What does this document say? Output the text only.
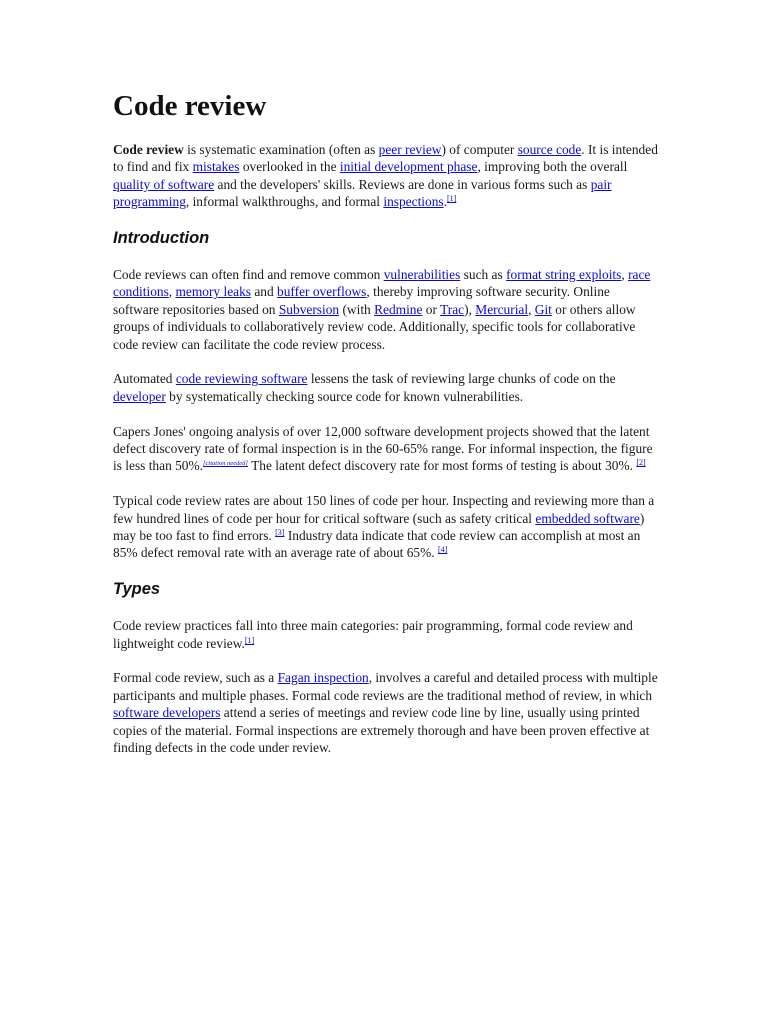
Code review

Code review is systematic examination (often as peer review) of computer source code. It is intended to find and fix mistakes overlooked in the initial development phase, improving both the overall quality of software and the developers' skills. Reviews are done in various forms such as pair programming, informal walkthroughs, and formal inspections.[1]

Introduction

Code reviews can often find and remove common vulnerabilities such as format string exploits, race conditions, memory leaks and buffer overflows, thereby improving software security. Online software repositories based on Subversion (with Redmine or Trac), Mercurial, Git or others allow groups of individuals to collaboratively review code. Additionally, specific tools for collaborative code review can facilitate the code review process.

Automated code reviewing software lessens the task of reviewing large chunks of code on the developer by systematically checking source code for known vulnerabilities.

Capers Jones' ongoing analysis of over 12,000 software development projects showed that the latent defect discovery rate of formal inspection is in the 60-65% range. For informal inspection, the figure is less than 50%.[citation needed] The latent defect discovery rate for most forms of testing is about 30%. [2]

Typical code review rates are about 150 lines of code per hour. Inspecting and reviewing more than a few hundred lines of code per hour for critical software (such as safety critical embedded software) may be too fast to find errors. [3] Industry data indicate that code review can accomplish at most an 85% defect removal rate with an average rate of about 65%. [4]

Types

Code review practices fall into three main categories: pair programming, formal code review and lightweight code review.[1]

Formal code review, such as a Fagan inspection, involves a careful and detailed process with multiple participants and multiple phases. Formal code reviews are the traditional method of review, in which software developers attend a series of meetings and review code line by line, usually using printed copies of the material. Formal inspections are extremely thorough and have been proven effective at finding defects in the code under review.
